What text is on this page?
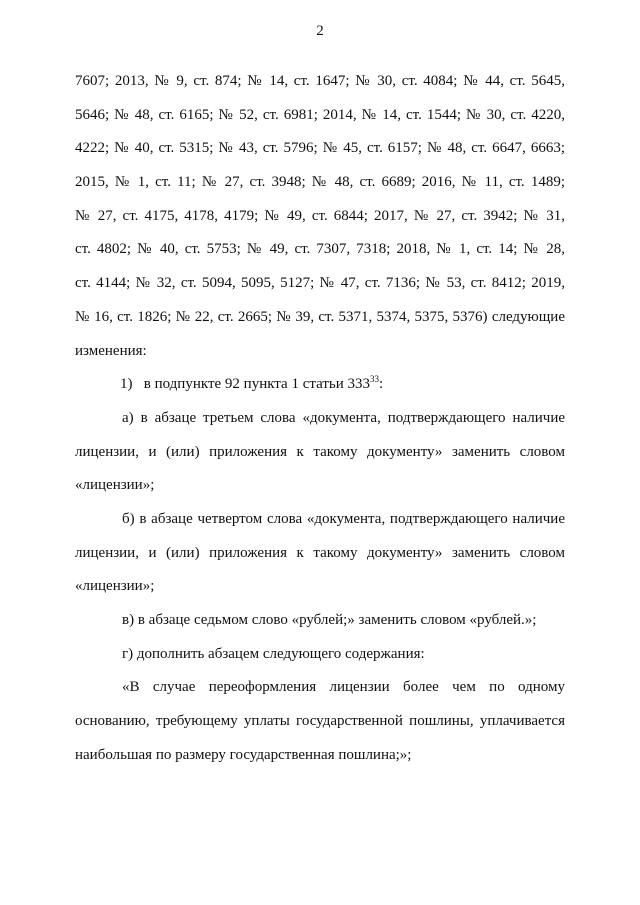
2
7607; 2013, № 9, ст. 874; № 14, ст. 1647; № 30, ст. 4084; № 44, ст. 5645,
5646; № 48, ст. 6165; № 52, ст. 6981; 2014, № 14, ст. 1544; № 30, ст. 4220,
4222; № 40, ст. 5315; № 43, ст. 5796; № 45, ст. 6157; № 48, ст. 6647, 6663;
2015, № 1, ст. 11; № 27, ст. 3948; № 48, ст. 6689; 2016, № 11, ст. 1489;
№ 27, ст. 4175, 4178, 4179; № 49, ст. 6844; 2017, № 27, ст. 3942; № 31,
ст. 4802; № 40, ст. 5753; № 49, ст. 7307, 7318; 2018, № 1, ст. 14; № 28,
ст. 4144; № 32, ст. 5094, 5095, 5127; № 47, ст. 7136; № 53, ст. 8412; 2019,
№ 16, ст. 1826; № 22, ст. 2665; № 39, ст. 5371, 5374, 5375, 5376) следующие
изменения:
1) в подпункте 92 пункта 1 статьи $333^{33}$:
а) в абзаце третьем слова «документа, подтверждающего наличие
лицензии, и (или) приложения к такому документу» заменить словом
«лицензии»;
б) в абзаце четвертом слова «документа, подтверждающего наличие
лицензии, и (или) приложения к такому документу» заменить словом
«лицензии»;
в) в абзаце седьмом слово «рублей;» заменить словом «рублей.»;
г) дополнить абзацем следующего содержания:
«В случае переоформления лицензии более чем по одному
основанию, требующему уплаты государственной пошлины, уплачивается
наибольшая по размеру государственная пошлина;»;
